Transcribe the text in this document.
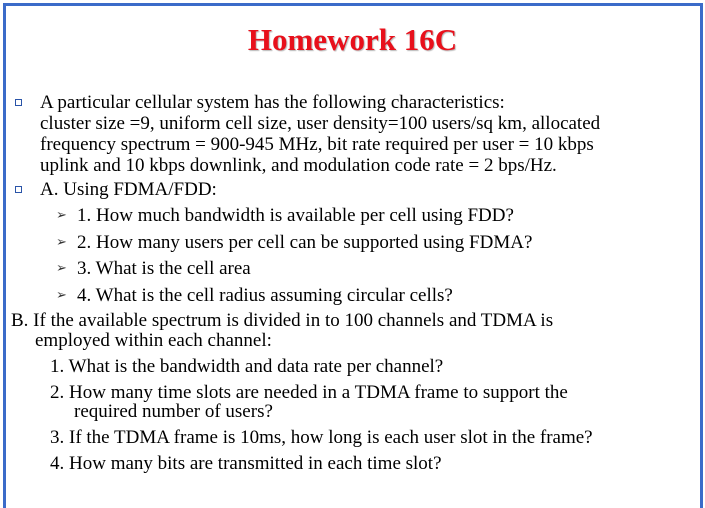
Homework 16C
A particular cellular system has the following characteristics:
cluster size =9, uniform cell size, user density=100 users/sq km, allocated
frequency spectrum = 900-945 MHz, bit rate required per user = 10 kbps
uplink and 10 kbps downlink, and modulation code rate = 2 bps/Hz.
A. Using FDMA/FDD:
➢ 1. How much bandwidth is available per cell using FDD?
➢ 2. How many users per cell can be supported using FDMA?
➢ 3. What is the cell area
➢ 4. What is the cell radius assuming circular cells?
B. If the available spectrum is divided in to 100 channels and TDMA is
employed within each channel:
1. What is the bandwidth and data rate per channel?
2. How many time slots are needed in a TDMA frame to support the
required number of users?
3. If the TDMA frame is 10ms, how long is each user slot in the frame?
4. How many bits are transmitted in each time slot?
